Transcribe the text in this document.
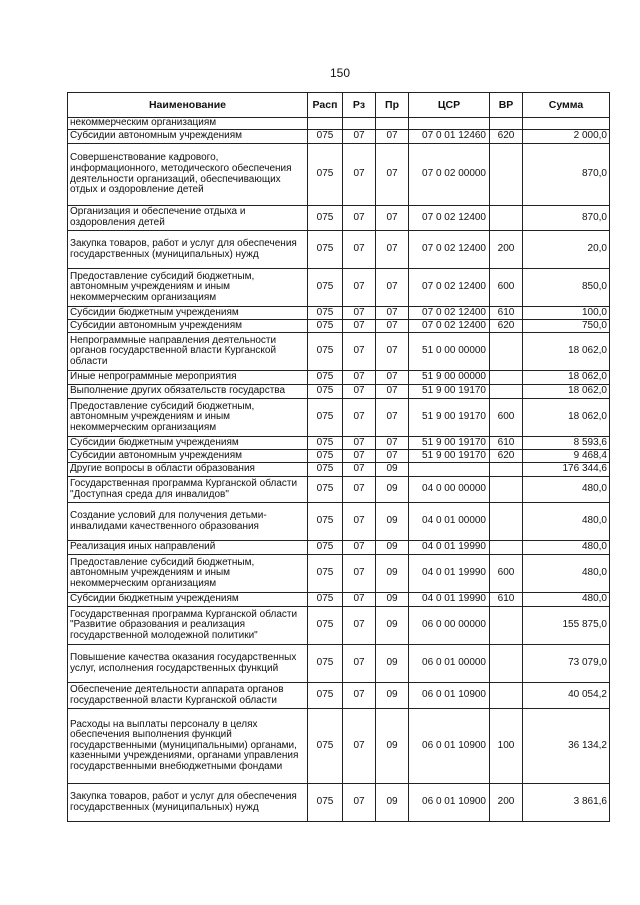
150
Наименование	Расп	Рз	Пр	ЦСР	ВР	Сумма
некоммерческим организациям						
Субсидии автономным учреждениям	075	07	07	07 0 01 12460	620	2 000,0
Совершенствование кадрового, информационного, методического обеспечения деятельности организаций, обеспечивающих отдых и оздоровление детей	075	07	07	07 0 02 00000		870,0
Организация и обеспечение отдыха и оздоровления детей	075	07	07	07 0 02 12400		870,0
Закупка товаров, работ и услуг для обеспечения государственных (муниципальных) нужд	075	07	07	07 0 02 12400	200	20,0
Предоставление субсидий бюджетным, автономным учреждениям и иным некоммерческим организациям	075	07	07	07 0 02 12400	600	850,0
Субсидии бюджетным учреждениям	075	07	07	07 0 02 12400	610	100,0
Субсидии автономным учреждениям	075	07	07	07 0 02 12400	620	750,0
Непрограммные направления деятельности органов государственной власти Курганской области	075	07	07	51 0 00 00000		18 062,0
Иные непрограммные мероприятия	075	07	07	51 9 00 00000		18 062,0
Выполнение других обязательств государства	075	07	07	51 9 00 19170		18 062,0
Предоставление субсидий бюджетным, автономным учреждениям и иным некоммерческим организациям	075	07	07	51 9 00 19170	600	18 062,0
Субсидии бюджетным учреждениям	075	07	07	51 9 00 19170	610	8 593,6
Субсидии автономным учреждениям	075	07	07	51 9 00 19170	620	9 468,4
Другие вопросы в области образования	075	07	09			176 344,6
Государственная программа Курганской области "Доступная среда для инвалидов"	075	07	09	04 0 00 00000		480,0
Создание условий для получения детьми-инвалидами качественного образования	075	07	09	04 0 01 00000		480,0
Реализация иных направлений	075	07	09	04 0 01 19990		480,0
Предоставление субсидий бюджетным, автономным учреждениям и иным некоммерческим организациям	075	07	09	04 0 01 19990	600	480,0
Субсидии бюджетным учреждениям	075	07	09	04 0 01 19990	610	480,0
Государственная программа Курганской области "Развитие образования и реализация государственной молодежной политики"	075	07	09	06 0 00 00000		155 875,0
Повышение качества оказания государственных услуг, исполнения государственных функций	075	07	09	06 0 01 00000		73 079,0
Обеспечение деятельности аппарата органов государственной власти Курганской области	075	07	09	06 0 01 10900		40 054,2
Расходы на выплаты персоналу в целях обеспечения выполнения функций государственными (муниципальными) органами, казенными учреждениями, органами управления государственными внебюджетными фондами	075	07	09	06 0 01 10900	100	36 134,2
Закупка товаров, работ и услуг для обеспечения государственных (муниципальных) нужд	075	07	09	06 0 01 10900	200	3 861,6
